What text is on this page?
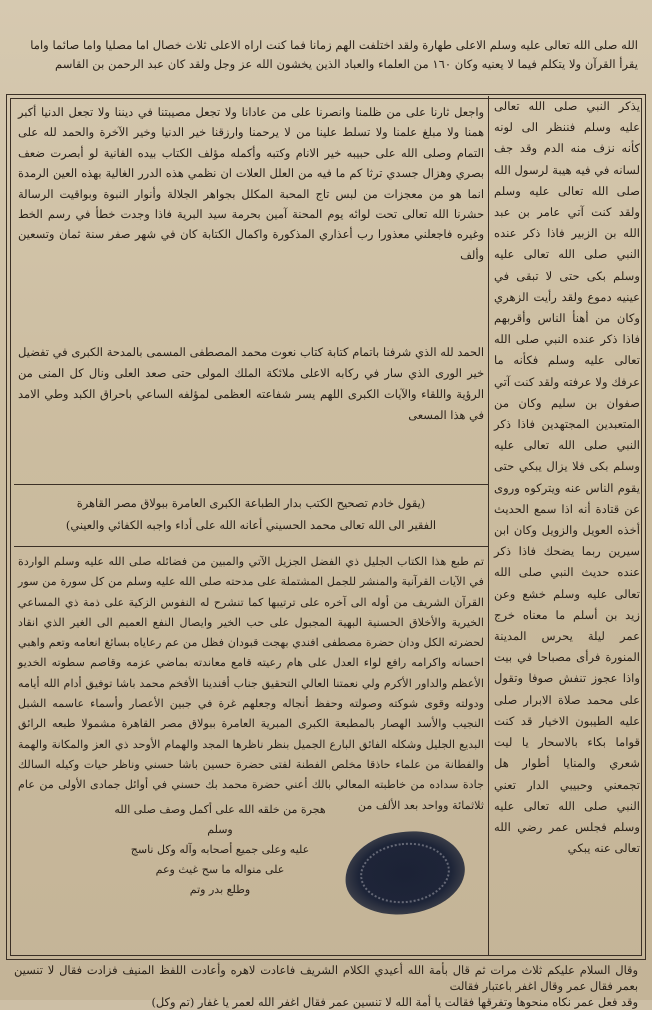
الله صلى الله تعالى عليه وسلم الاعلى طهارة ولقد اختلفت الهم زمانا فما كنت اراه الاعلى ثلاث خصال اما مصليا واما صائما واما
يقرأ القرآن ولا يتكلم فيما لا يعنيه وكان ١٦٠ من العلماء والعباد الذين يخشون الله عز وجل ولقد كان عبد الرحمن بن القاسم
يذكر النبي صلى الله تعالى عليه وسلم فننظر الى لونه كأنه نزف منه الدم وقد جف لسانه في فيه هيبة لرسول الله صلى الله تعالى عليه وسلم ولقد كنت آتي عامر بن عبد الله بن الزبير فاذا ذكر عنده النبي صلى الله تعالى عليه وسلم بكى حتى لا تبقى في عينيه دموع ولقد رأيت الزهري وكان من أهنأ الناس وأقربهم فاذا ذكر عنده النبي صلى الله تعالى عليه وسلم فكأنه ما عرفك ولا عرفته ولقد كنت آتي صفوان بن سليم وكان من المتعبدين المجتهدين فاذا ذكر النبي صلى الله تعالى عليه وسلم بكى فلا يزال يبكي حتى يقوم الناس عنه ويتركوه وروى عن قتادة أنه اذا سمع الحديث أخذه العويل والزويل وكان ابن سيرين ربما يضحك فاذا ذكر عنده حديث النبي صلى الله تعالى عليه وسلم خشع وعن زيد بن أسلم ما معناه خرج عمر ليلة يحرس المدينة المنورة فرأى مصباحا في بيت واذا عجوز تنفش صوفا وتقول على محمد صلاة الابرار صلى عليه الطيبون الاخيار قد كنت قواما بكاء بالاسحار يا ليت شعري والمنايا أطوار هل تجمعني وحبيبي الدار تعني النبي صلى الله تعالى عليه وسلم فجلس عمر رضي الله تعالى عنه يبكي
واجعل ثارنا على من ظلمنا وانصرنا على من عادانا ولا تجعل مصيبتنا في ديننا ولا تجعل الدنيا أكبر همنا ولا مبلغ علمنا ولا تسلط علينا من لا يرحمنا وارزقنا خير الدنيا وخير الآخرة والحمد لله على التمام وصلى الله على حبيبه خير الانام وكتبه وأكمله مؤلف الكتاب بيده الفانية لو أبصرت ضعف بصري وهزال جسدي ترثا كم ما فيه من العلل العلات ان نظمي هذه الدرر الغالية بهذه العين الرمدة انما هو من معجزات من لبس تاج المحبة المكلل بجواهر الجلالة وأنوار النبوة وبواقيت الرسالة حشرنا الله تعالى تحت لوائه يوم المحنة آمين بحرمة سيد البرية فاذا وجدت خطأ في رسم الخط وغيره فاجعلني معذورا رب أعذاري المذكورة واكمال الكتابة كان في شهر صفر سنة ثمان وتسعين وألف
الحمد لله الذي شرفنا باتمام كتابة كتاب نعوت محمد المصطفى المسمى بالمدحة الكبرى في تفضيل خير الورى الذي سار في ركابه الاعلى ملائكة الملك المولى حتى صعد العلى ونال كل المنى من الرؤية واللقاء والآيات الكبرى اللهم يسر شفاعته العظمى لمؤلفه الساعي باحراق الكبد وطي الامد في هذا المسعى
(يقول خادم تصحيح الكتب بدار الطباعة الكبرى العامرة ببولاق مصر القاهرة
الفقير الى الله تعالى محمد الحسيني أعانه الله على أداء واجبه الكفائي والعيني)
تم طبع هذا الكتاب الجليل ذي الفضل الجزيل الآتي والمبين من فضائله صلى الله عليه وسلم الواردة في الآيات القرآنية والمنشر للجمل المشتملة على مدحته صلى الله عليه وسلم من كل سورة من سور القرآن الشريف من أوله الى آخره على ترتيبها كما تنشرح له النفوس الزكية على ذمة ذي المساعي الخيرية والأخلاق الحسنية البهية المجبول على حب الخير وايصال النفع العميم الى الغير الذي انقاد لحضرته الكل ودان حضرة مصطفى افندي بهجت قبودان فظل من عم رعاياه بسائغ انعامه وتعم واهبي احسانه واكرامه رافع لواء العدل على هام رعيته قامع معاندته بماضي عزمه وقاصم سطوته الخديو الأعظم والداور الأكرم ولي نعمتنا العالي التحقيق جناب أفندينا الأفخم محمد باشا توفيق أدام الله أيامه ودولته وقوى شوكته وصولته وحفظ أنجاله وجعلهم غرة في جبين الأعصار وأسماء عاسمه الشبل النجيب والأسد الهصار بالمطبعة الكبرى المبرية العامرة ببولاق مصر القاهرة مشمولا طبعه الرائق البديع الجليل وشكله الفائق البارع الجميل بنظر ناظرها المجد والهمام الأوحد ذي العز والمكانة والهمة والفطانة من علماء حاذقا مخلص الفطنة لفتى حضرة حسين باشا حسني وناظر حيات وكيله السالك جادة سداده من خاطبته المعالي بالك أعني حضرة محمد بك حسني في أوائل جمادى الأولى من عام ثلاثمائة وواحد بعد الألف من
هجرة من خلقه الله على أكمل وصف صلى الله وسلم
عليه وعلى جميع أصحابه وآله وكل ناسج
على منواله ما سح غيث وعم
وطلع بدر وتم
وقال السلام عليكم ثلاث مرات ثم قال بأمة الله أعيدي الكلام الشريف فاعادت لاهره وأعادت اللفظ المنيف فزادت فقال لا تنسين بعمر فقال عمر وقال اغفر باعتبار فقالت
وقد فعل عمر نكاه منحوها وتفرقها فقالت يا أمة الله لا تنسين عمر فقال اغفر الله لعمر يا غفار (تم وكل)
